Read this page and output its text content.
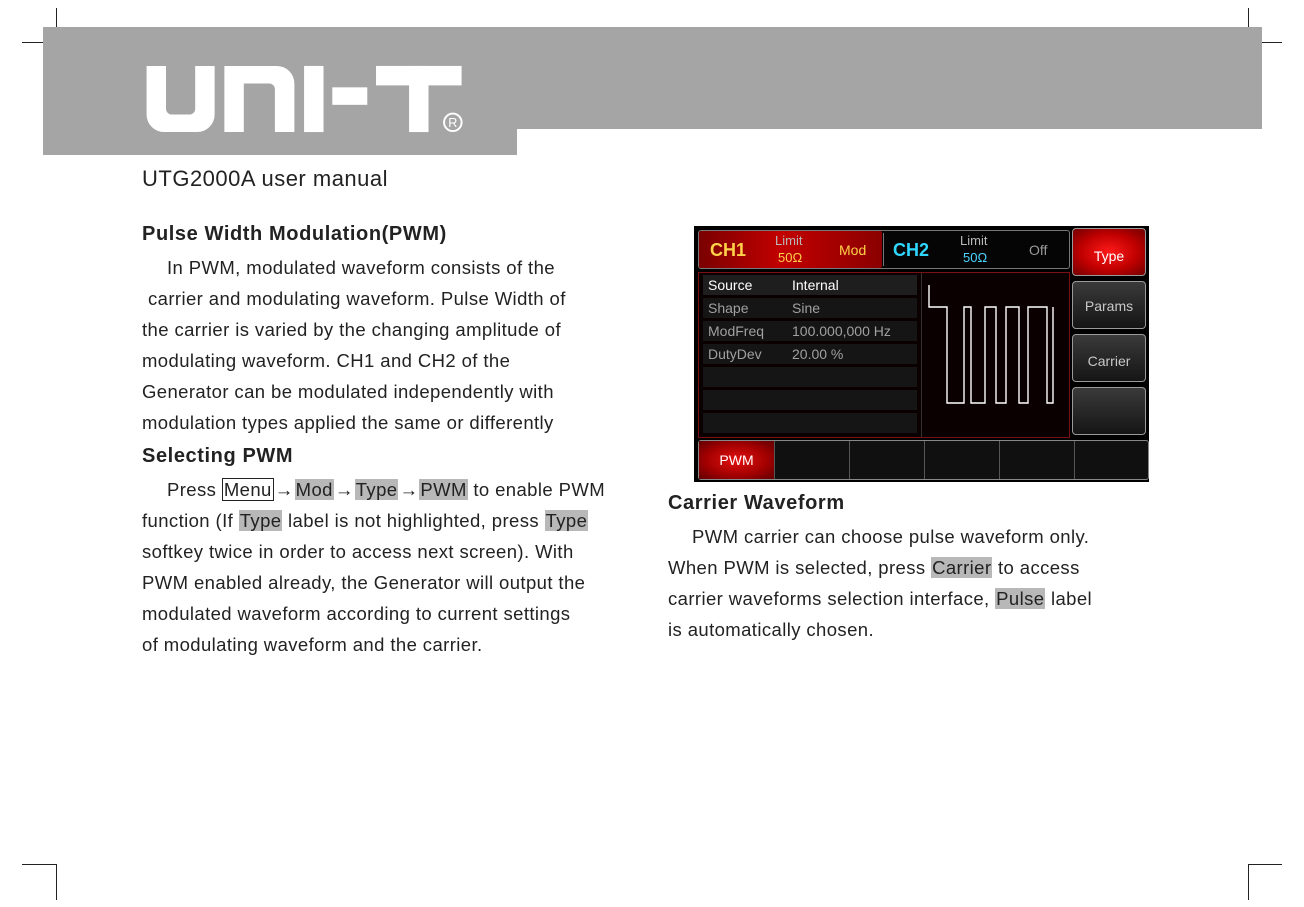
R
UTG2000A user manual
Pulse Width Modulation(PWM)
In PWM, modulated waveform consists of the
carrier and modulating waveform. Pulse Width of
the carrier is varied by the changing amplitude of
modulating waveform. CH1 and CH2 of the
Generator can be modulated independently with
modulation types applied the same or differently
Selecting PWM
Press Menu → Mod → Type → PWM to enable PWM
function (If Type label is not highlighted, press Type
softkey twice in order to access next screen). With
PWM enabled already, the Generator will output the
modulated waveform according to current settings
of modulating waveform and the carrier.
CH1 Limit
50Ω	Mod CH2 Limit
50Ω	Off
Source	Internal
Shape	Sine
ModFreq 100.000,000 Hz
DutyDev 20.00 %
Type
Params
Carrier
PWM
Carrier Waveform
PWM carrier can choose pulse waveform only.
When PWM is selected, press Carrier to access
carrier waveforms selection interface, Pulse label
is automatically chosen.
